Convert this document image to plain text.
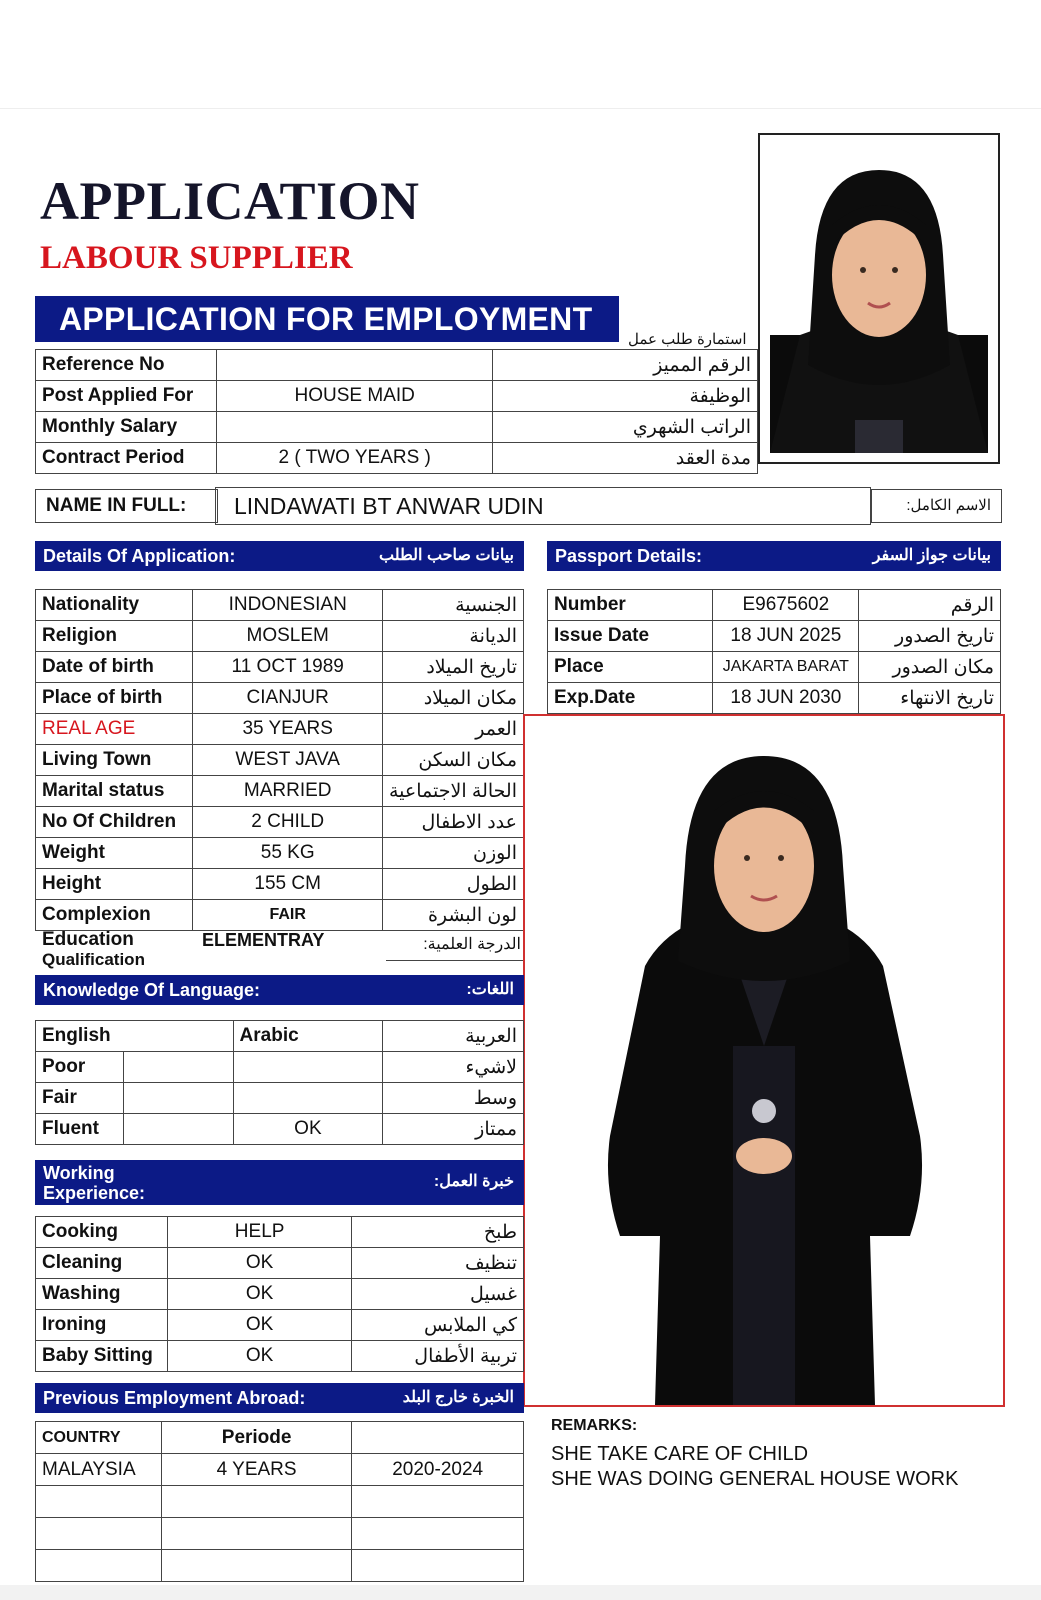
APPLICATION
LABOUR SUPPLIER
APPLICATION FOR EMPLOYMENT
استمارة طلب عمل
Reference No		الرقم المميز
Post Applied For	HOUSE MAID	الوظيفة
Monthly Salary		الراتب الشهري
Contract Period	2 ( TWO YEARS )	مدة العقد
NAME IN FULL:	LINDAWATI BT ANWAR UDIN	الاسم الكامل:
Details Of Application:	بيانات صاحب الطلب Passport Details:	بيانات جواز السفر
Nationality	INDONESIAN	الجنسية
Religion	MOSLEM	الديانة
Date of birth	11 OCT 1989	تاريخ الميلاد
Place of birth	CIANJUR	مكان الميلاد
REAL AGE	35 YEARS	العمر
Living Town	WEST JAVA	مكان السكن
Marital status	MARRIED	الحالة الاجتماعية
No Of Children	2 CHILD	عدد الاطفال
Weight	55 KG	الوزن
Height	155 CM	الطول
Complexion	FAIR	لون البشرة
Education
Qualification
ELEMENTRAY	الدرجة العلمية:
Number	E9675602	الرقم
Issue Date	18 JUN 2025	تاريخ الصدور
Place	JAKARTA BARAT	مكان الصدور
Exp.Date	18 JUN 2030	تاريخ الانتهاء
Knowledge Of Language:	اللغات:
English		Arabic	العربية
Poor			لاشيء
Fair			وسط
Fluent		OK	ممتاز
Working
Experience:
خبرة العمل:
Cooking	HELP	طبخ
Cleaning	OK	تنظيف
Washing	OK	غسيل
Ironing	OK	كي الملابس
Baby Sitting	OK	تربية الأطفال
Previous Employment Abroad:	الخبرة خارج البلد
COUNTRY	Periode	
MALAYSIA	4 YEARS	2020-2024

REMARKS:
SHE TAKE CARE OF CHILD
SHE WAS DOING GENERAL HOUSE WORK
